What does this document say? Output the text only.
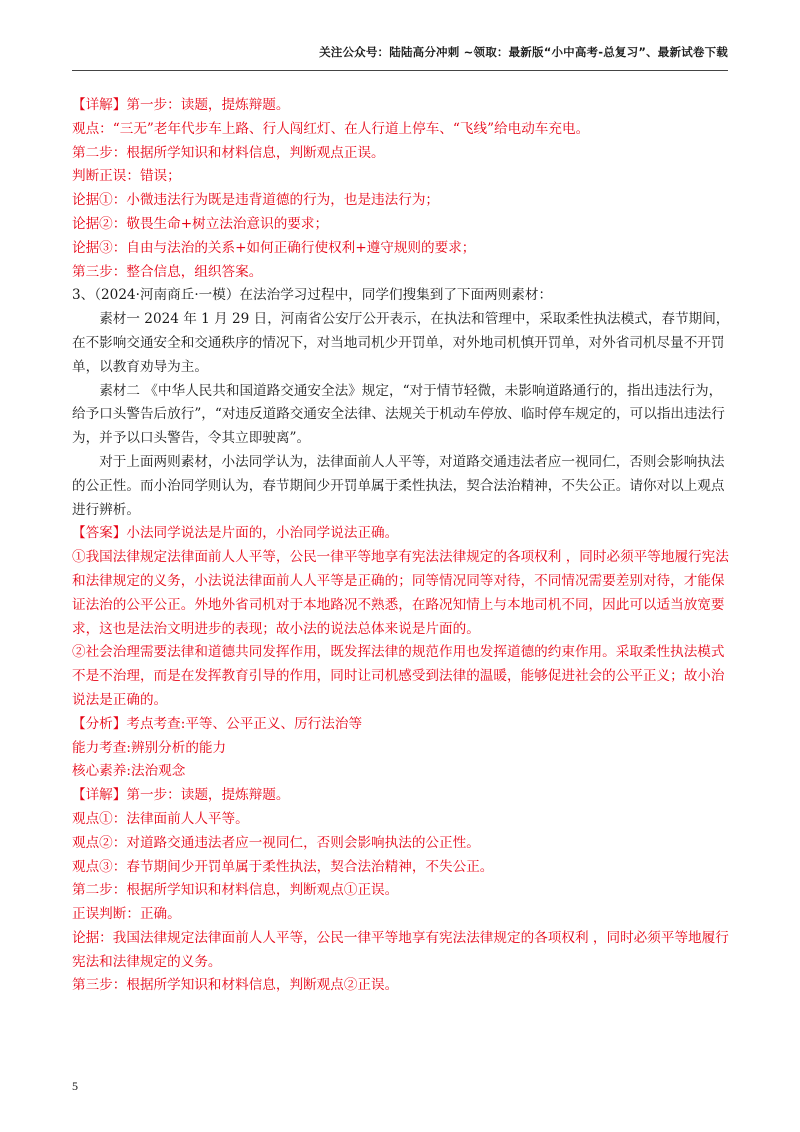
关注公众号：陆陆高分冲刺 ~领取：最新版“小中高考-总复习”、最新试卷下载
【详解】第一步：读题，提炼辩题。
观点：“三无”老年代步车上路、行人闯红灯、在人行道上停车、“飞线”给电动车充电。
第二步：根据所学知识和材料信息，判断观点正误。
判断正误：错误；
论据①：小微违法行为既是违背道德的行为，也是违法行为；
论据②：敬畏生命+树立法治意识的要求；
论据③：自由与法治的关系+如何正确行使权利+遵守规则的要求；
第三步：整合信息，组织答案。
3、（2024·河南商丘·一模）在法治学习过程中，同学们搜集到了下面两则素材：
素材一 2024 年 1 月 29 日，河南省公安厅公开表示，在执法和管理中，采取柔性执法模式，春节期间，在不影响交通安全和交通秩序的情况下，对当地司机少开罚单，对外地司机慎开罚单，对外省司机尽量不开罚单，以教育劝导为主。
素材二 《中华人民共和国道路交通安全法》规定，“对于情节轻微，未影响道路通行的，指出违法行为，给予口头警告后放行”，“对违反道路交通安全法律、法规关于机动车停放、临时停车规定的，可以指出违法行为，并予以口头警告，令其立即驶离”。
对于上面两则素材，小法同学认为，法律面前人人平等，对道路交通违法者应一视同仁，否则会影响执法的公正性。而小治同学则认为，春节期间少开罚单属于柔性执法，契合法治精神，不失公正。请你对以上观点进行辨析。
【答案】小法同学说法是片面的，小治同学说法正确。
①我国法律规定法律面前人人平等，公民一律平等地享有宪法法律规定的各项权利 ，同时必须平等地履行宪法和法律规定的义务，小法说法律面前人人平等是正确的；同等情况同等对待，不同情况需要差别对待，才能保证法治的公平公正。外地外省司机对于本地路况不熟悉，在路况知情上与本地司机不同，因此可以适当放宽要求，这也是法治文明进步的表现；故小法的说法总体来说是片面的。
②社会治理需要法律和道德共同发挥作用，既发挥法律的规范作用也发挥道德的约束作用。采取柔性执法模式不是不治理，而是在发挥教育引导的作用，同时让司机感受到法律的温暖，能够促进社会的公平正义；故小治说法是正确的。
【分析】考点考查:平等、公平正义、厉行法治等
能力考查:辨别分析的能力
核心素养:法治观念
【详解】第一步：读题，提炼辩题。
观点①：法律面前人人平等。
观点②：对道路交通违法者应一视同仁，否则会影响执法的公正性。
观点③：春节期间少开罚单属于柔性执法，契合法治精神，不失公正。
第二步：根据所学知识和材料信息，判断观点①正误。
正误判断：正确。
论据：我国法律规定法律面前人人平等，公民一律平等地享有宪法法律规定的各项权利 ，同时必须平等地履行宪法和法律规定的义务。
第三步：根据所学知识和材料信息，判断观点②正误。
5
